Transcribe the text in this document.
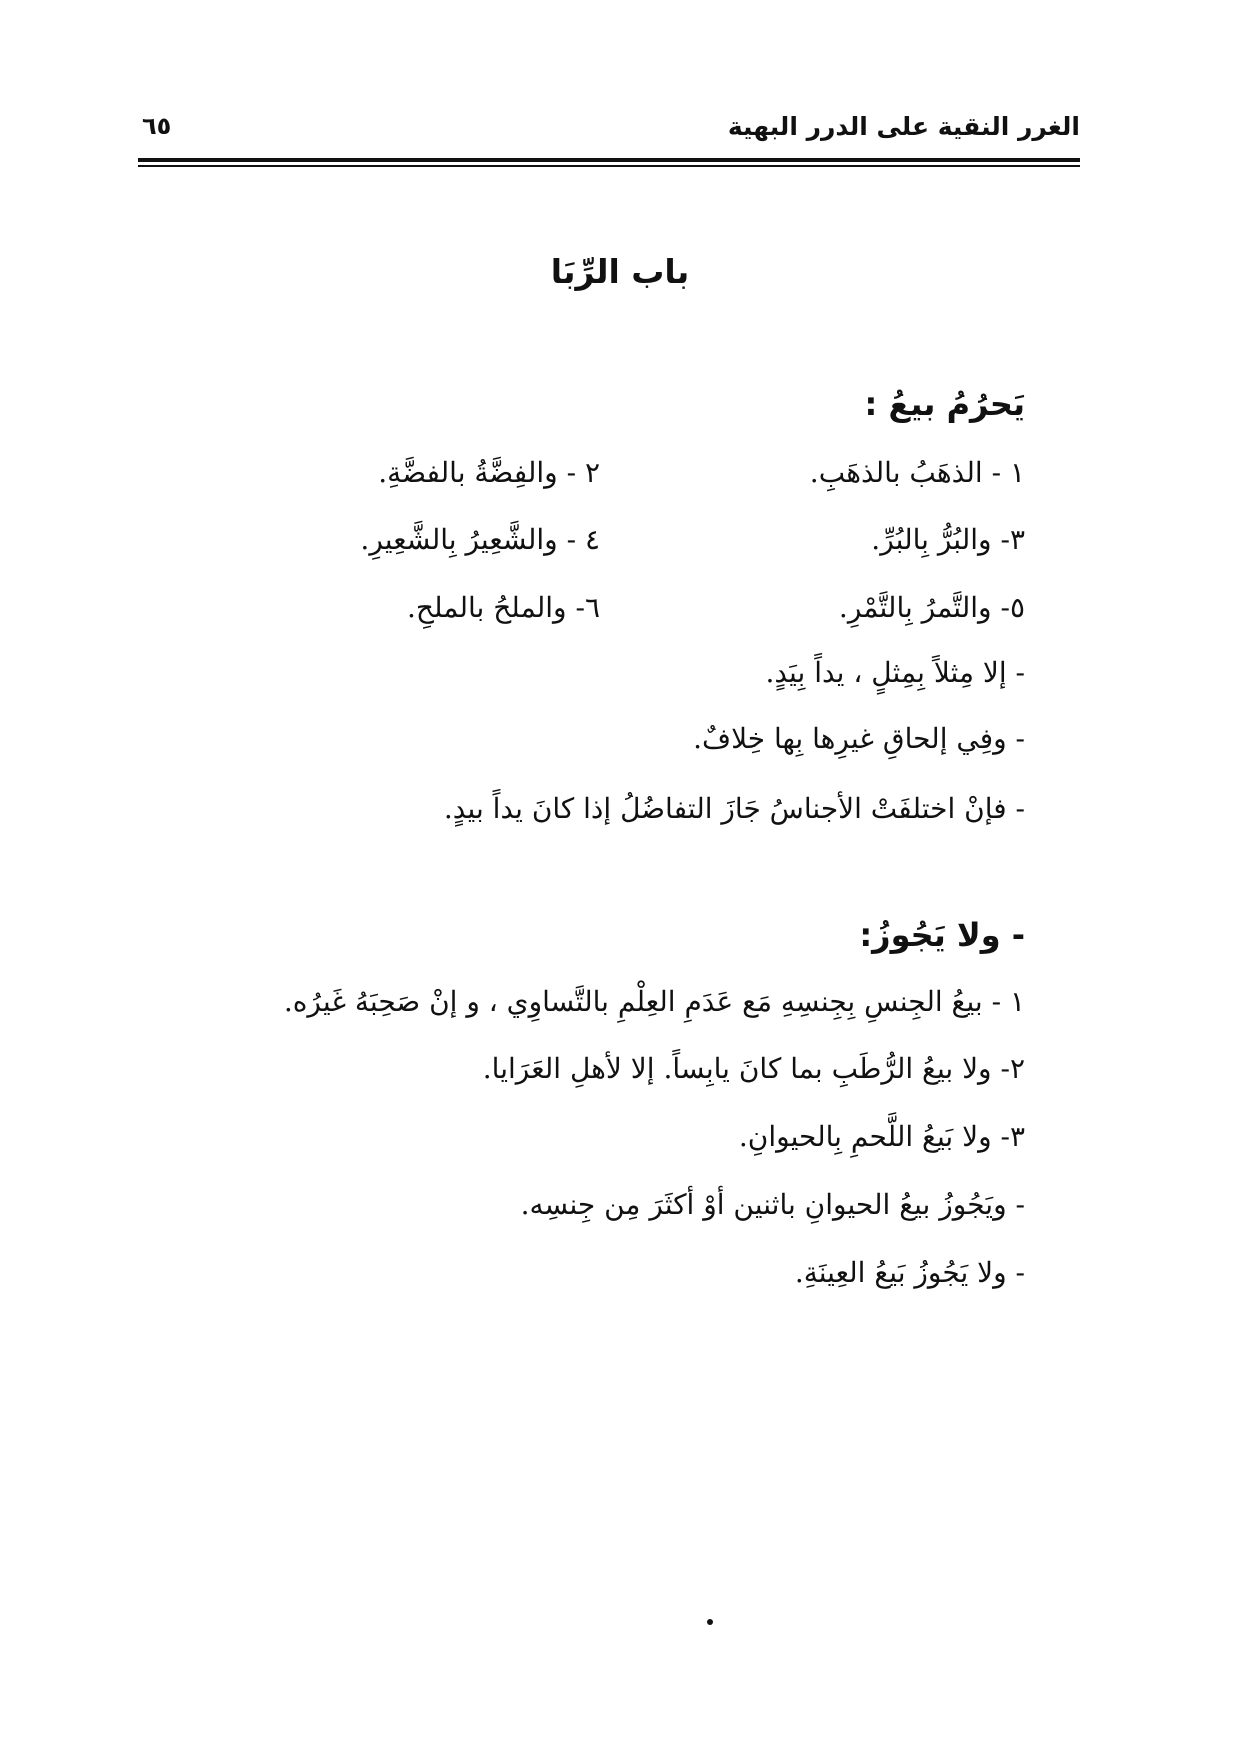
الغرر النقية على الدرر البهية
٦٥
باب الرِّبَا
يَحرُمُ بيعُ :
١ - الذهَبُ بالذهَبِ.
٢ - والفِضَّةُ بالفضَّةِ.
٣- والبُرُّ بِالبُرِّ.
٤ - والشَّعِيرُ بِالشَّعِيرِ.
٥- والتَّمرُ بِالتَّمْرِ.
٦- والملحُ بالملحِ.
- إلا مِثلاً بِمِثلٍ ، يداً بِيَدٍ.
- وفِي إلحاقِ غيرِها بِها خِلافٌ.
- فإنْ اختلفَتْ الأجناسُ جَازَ التفاضُلُ إذا كانَ يداً بيدٍ.
- ولا يَجُوزُ:
١ - بيعُ الجِنسِ بِجِنسِهِ مَع عَدَمِ العِلْمِ بالتَّساوِي ، و إنْ صَحِبَهُ غَيرُه.
٢- ولا بيعُ الرُّطَبِ بما كانَ يابِساً. إلا لأهلِ العَرَايا.
٣- ولا بَيعُ اللَّحمِ بِالحيوانِ.
- ويَجُوزُ بيعُ الحيوانِ باثنين أوْ أكثَرَ مِن جِنسِه.
- ولا يَجُوزُ بَيعُ العِينَةِ.
